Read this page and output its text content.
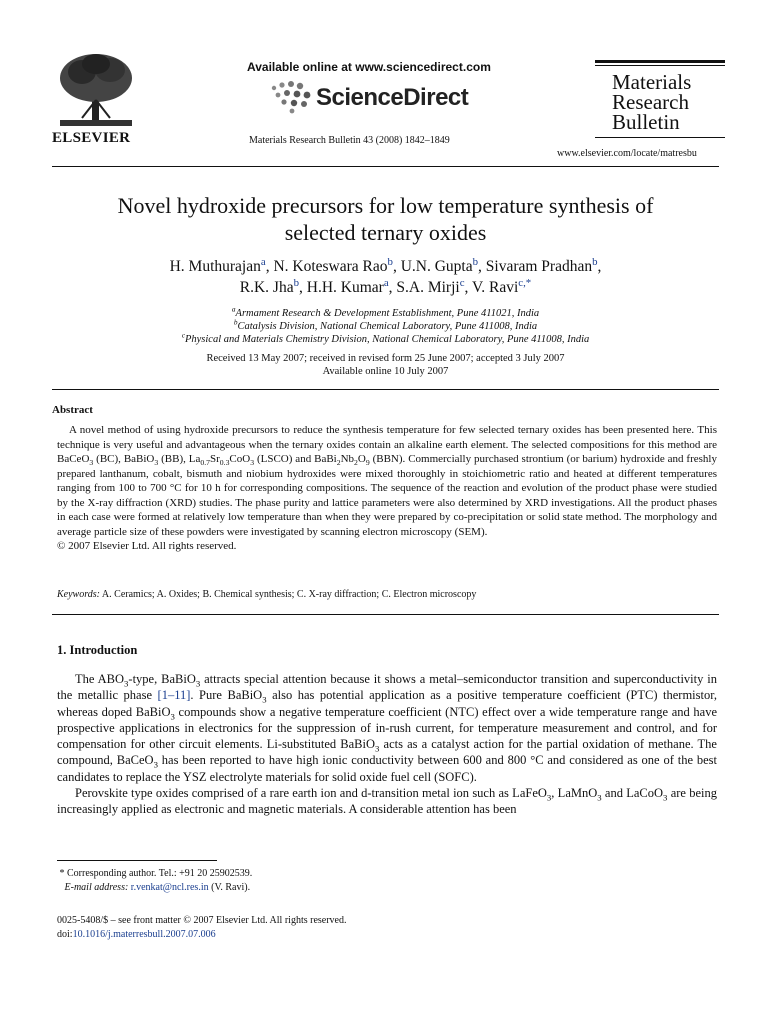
ELSEVIER
Available online at www.sciencedirect.com
ScienceDirect
Materials Research Bulletin 43 (2008) 1842–1849
Materials
Research
Bulletin
www.elsevier.com/locate/matresbu
Novel hydroxide precursors for low temperature synthesis of
selected ternary oxides
H. Muthurajan$^a$, N. Koteswara Rao$^b$, U.N. Gupta$^b$, Sivaram Pradhan$^b$,
R.K. Jha$^b$, H.H. Kumar$^a$, S.A. Mirji$^c$, V. Ravi$^{c,*}$
$^a$Armament Research & Development Establishment, Pune 411021, India
$^b$Catalysis Division, National Chemical Laboratory, Pune 411008, India
$^c$Physical and Materials Chemistry Division, National Chemical Laboratory, Pune 411008, India
Received 13 May 2007; received in revised form 25 June 2007; accepted 3 July 2007
Available online 10 July 2007
Abstract

A novel method of using hydroxide precursors to reduce the synthesis temperature for few selected ternary oxides has been presented here. This technique is very useful and advantageous when the ternary oxides contain an alkaline earth element. The selected compositions for this method are BaCeO$_3$ (BC), BaBiO$_3$ (BB), $La_{0.7}Sr_{0.3}CoO_3$ (LSCO) and $BaBi_2Nb_2O_9$ (BBN). Commercially purchased strontium (or barium) hydroxide and freshly prepared lanthanum, cobalt, bismuth and niobium hydroxides were mixed thoroughly in stoichiometric ratio and heated at different temperatures ranging from 100 to 700 °C for 10 h for corresponding compositions. The sequence of the reaction and evolution of the product phase were studied by the X-ray diffraction (XRD) studies. The phase purity and lattice parameters were also determined by XRD investigations. All the product phases in each case were formed at relatively low temperature than when they were prepared by co-precipitation or solid state method. The morphology and average particle size of these powders were investigated by scanning electron microscopy (SEM).

© 2007 Elsevier Ltd. All rights reserved.
Keywords: A. Ceramics; A. Oxides; B. Chemical synthesis; C. X-ray diffraction; C. Electron microscopy
1. Introduction

The $ABO_3$-type, BaBiO$_3$ attracts special attention because it shows a metal–semiconductor transition and superconductivity in the metallic phase [1–11]. Pure BaBiO$_3$ also has potential application as a positive temperature coefficient (PTC) thermistor, whereas doped BaBiO$_3$ compounds show a negative temperature coefficient (NTC) effect over a wide temperature range and have prospective applications in electronics for the suppression of in-rush current, for temperature measurement and control, and for compensation for other circuit elements. Li-substituted BaBiO$_3$ acts as a catalyst action for the partial oxidation of methane. The compound, BaCeO$_3$ has been reported to have high ionic conductivity between 600 and 800 °C and considered as one of the best candidates to replace the YSZ electrolyte materials for solid oxide fuel cell (SOFC).

Perovskite type oxides comprised of a rare earth ion and d-transition metal ion such as LaFeO$_3$, LaMnO$_3$ and LaCoO$_3$ are being increasingly applied as electronic and magnetic materials. A considerable attention has been

* Corresponding author. Tel.: +91 20 25902539.
E-mail address: r.venkat@ncl.res.in (V. Ravi).
0025-5408/$ – see front matter © 2007 Elsevier Ltd. All rights reserved.
doi:10.1016/j.materresbull.2007.07.006
